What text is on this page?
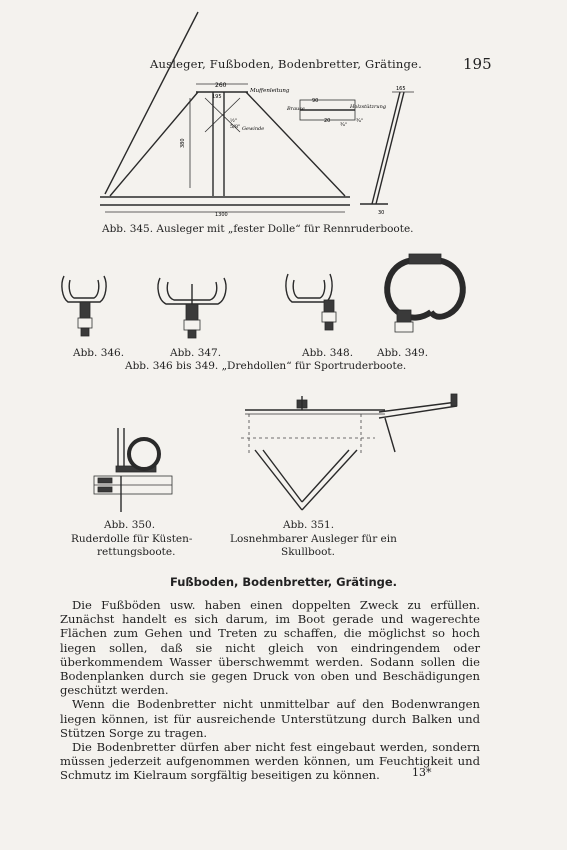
Ausleger, Fußboden, Bodenbretter, Grätinge.	195
260
195
Muffenleitung
Gewinde
½"
5/8"
380
1300
Brause	Holzstützrung
90
20
¾"
¾"
165
30
Abb. 345. Ausleger mit „fester Dolle“ für Rennruderboote.
Abb. 346.	Abb. 347.	Abb. 348. Abb. 349.
Abb. 346 bis 349. „Drehdollen“ für Sportruderboote.
Abb. 350.
Ruderdolle für Küsten-
rettungsboote.
Abb. 351.
Losnehmbarer Ausleger für ein
Skullboot.
Fußboden, Bodenbretter, Grätinge.

Die Fußböden usw. haben einen doppelten Zweck zu erfüllen. Zunächst handelt es sich darum, im Boot gerade und wagerechte Flächen zum Gehen und Treten zu schaffen, die möglichst so hoch liegen sollen, daß sie nicht gleich von eindringendem oder überkommendem Wasser überschwemmt werden. Sodann sollen die Bodenplanken durch sie gegen Druck von oben und Beschädigungen geschützt werden.

Wenn die Bodenbretter nicht unmittelbar auf den Bodenwrangen liegen können, ist für ausreichende Unterstützung durch Balken und Stützen Sorge zu tragen.

Die Bodenbretter dürfen aber nicht fest eingebaut werden, sondern müssen jederzeit aufgenommen werden können, um Feuchtigkeit und Schmutz im Kielraum sorgfältig beseitigen zu können.	13*
